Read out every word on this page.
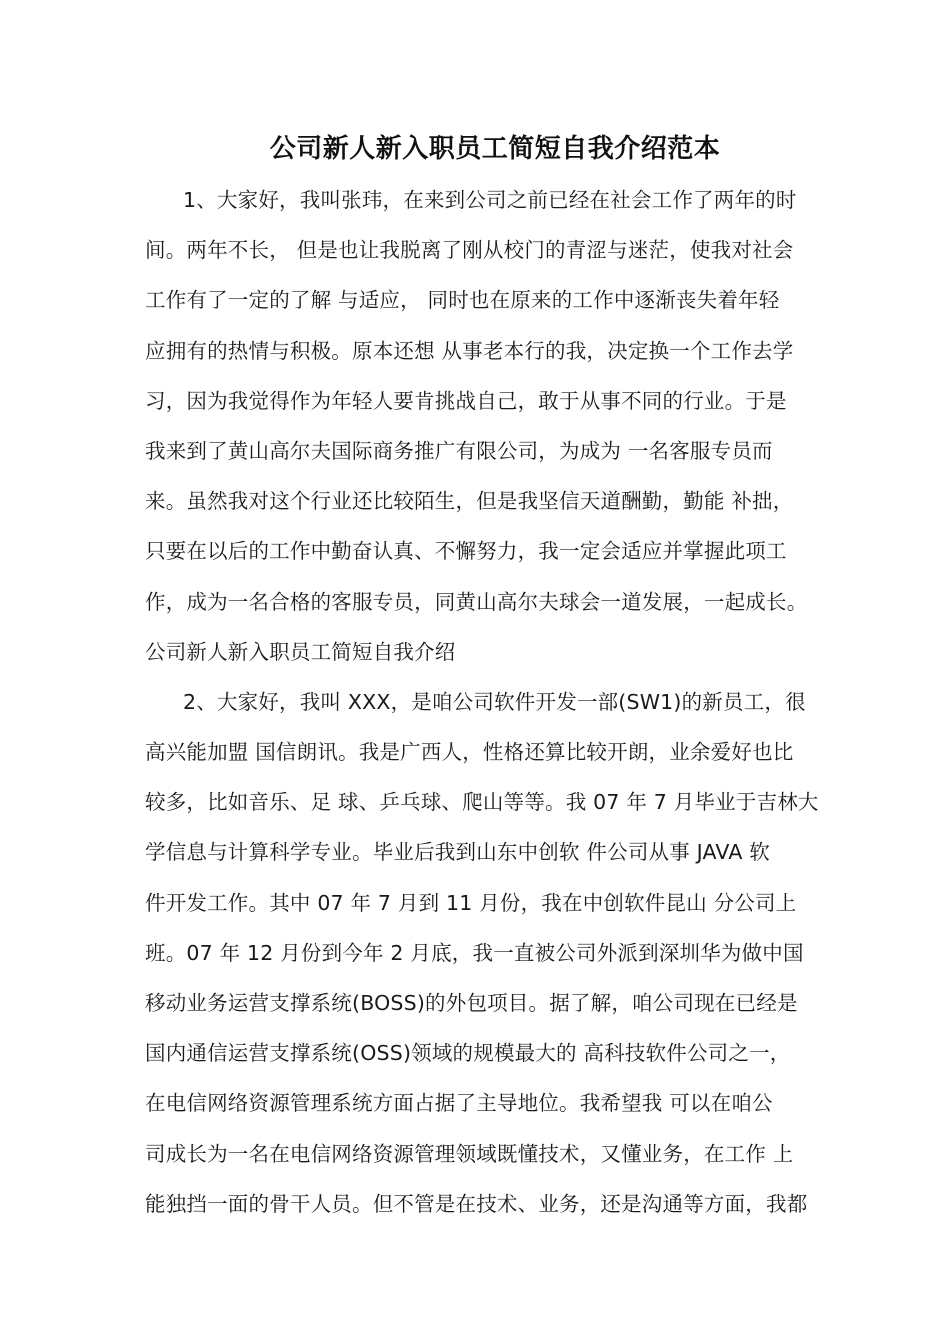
公司新人新入职员工简短自我介绍范本
1、大家好，我叫张玮，在来到公司之前已经在社会工作了两年的时
间。两年不长， 但是也让我脱离了刚从校门的青涩与迷茫，使我对社会
工作有了一定的了解 与适应， 同时也在原来的工作中逐渐丧失着年轻
应拥有的热情与积极。原本还想 从事老本行的我，决定换一个工作去学
习，因为我觉得作为年轻人要肯挑战自己，敢于从事不同的行业。于是
我来到了黄山高尔夫国际商务推广有限公司，为成为 一名客服专员而
来。虽然我对这个行业还比较陌生，但是我坚信天道酬勤，勤能 补拙，
只要在以后的工作中勤奋认真、不懈努力，我一定会适应并掌握此项工
作，成为一名合格的客服专员，同黄山高尔夫球会一道发展，一起成长。
公司新人新入职员工简短自我介绍
2、大家好，我叫 XXX，是咱公司软件开发一部(SW1)的新员工，很
高兴能加盟 国信朗讯。我是广西人，性格还算比较开朗，业余爱好也比
较多，比如音乐、足 球、乒乓球、爬山等等。我 07 年 7 月毕业于吉林大
学信息与计算科学专业。毕业后我到山东中创软 件公司从事 JAVA 软
件开发工作。其中 07 年 7 月到 11 月份，我在中创软件昆山 分公司上
班。07 年 12 月份到今年 2 月底，我一直被公司外派到深圳华为做中国
移动业务运营支撑系统(BOSS)的外包项目。据了解，咱公司现在已经是
国内通信运营支撑系统(OSS)领域的规模最大的 高科技软件公司之一，
在电信网络资源管理系统方面占据了主导地位。我希望我 可以在咱公
司成长为一名在电信网络资源管理领域既懂技术，又懂业务，在工作 上
能独挡一面的骨干人员。但不管是在技术、业务，还是沟通等方面，我都
